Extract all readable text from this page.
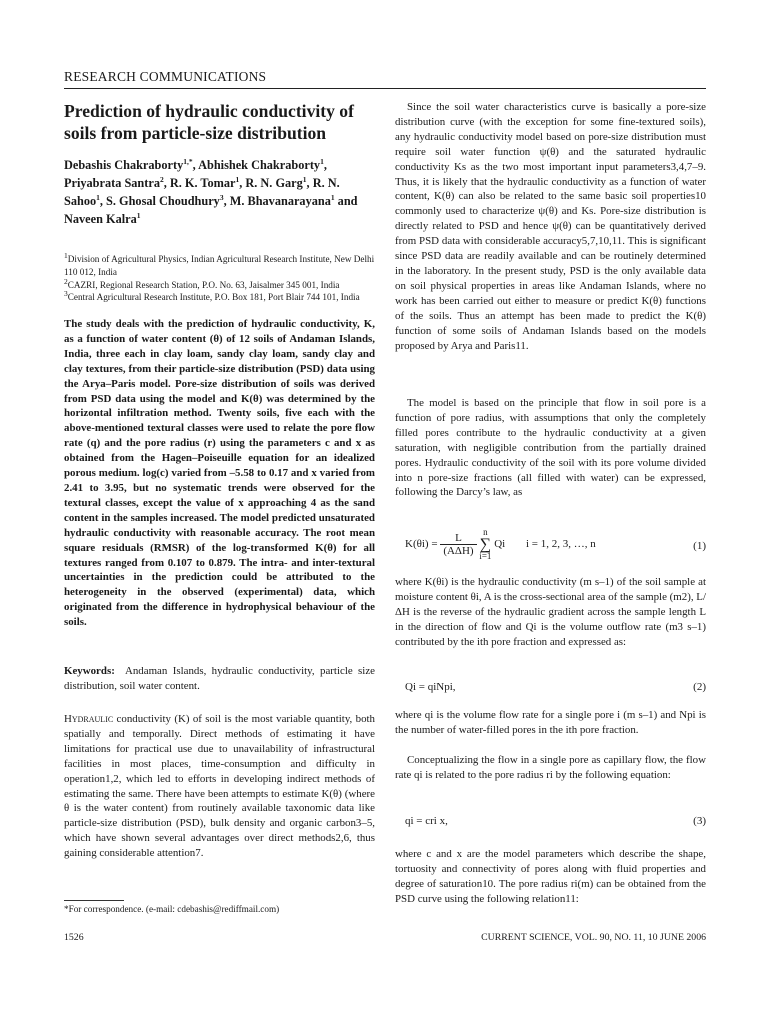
RESEARCH COMMUNICATIONS
Prediction of hydraulic conductivity of soils from particle-size distribution
Debashis Chakraborty$^{1,*}$, Abhishek Chakraborty$^1$, Priyabrata Santra$^2$, R. K. Tomar$^1$, R. N. Garg$^1$, R. N. Sahoo$^1$, S. Ghosal Choudhury$^3$, M. Bhavanarayana$^1$ and Naveen Kalra$^1$
$^1$Division of Agricultural Physics, Indian Agricultural Research Institute, New Delhi 110 012, India
$^2$CAZRI, Regional Research Station, P.O. No. 63, Jaisalmer 345 001, India
$^3$Central Agricultural Research Institute, P.O. Box 181, Port Blair 744 101, India
The study deals with the prediction of hydraulic conductivity, K, as a function of water content (θ) of 12 soils of Andaman Islands, India, three each in clay loam, sandy clay loam, sandy clay and clay textures, from their particle-size distribution (PSD) data using the Arya–Paris model. Pore-size distribution of soils was derived from PSD data using the model and K(θ) was determined by the horizontal infiltration method. Twenty soils, five each with the above-mentioned textural classes were used to relate the pore flow rate (q) and the pore radius (r) using the parameters c and x as obtained from the Hagen–Poiseuille equation for an idealized porous medium. log(c) varied from –5.58 to 0.17 and x varied from 2.41 to 3.95, but no systematic trends were observed for the textural classes, except the value of x approaching 4 as the sand content in the samples increased. The model predicted unsaturated hydraulic conductivity with reasonable accuracy. The root mean square residuals (RMSR) of the log-transformed K(θ) for all textures ranged from 0.107 to 0.879. The intra- and inter-textural uncertainties in the prediction could be attributed to the heterogeneity in the observed (experimental) data, which originated from the difference in hydrophysical behaviour of the soils.
Keywords: Andaman Islands, hydraulic conductivity, particle size distribution, soil water content.
Hydraulic conductivity (K) of soil is the most variable quantity, both spatially and temporally. Direct methods of estimating it have limitations for practical use due to unavailability of infrastructural facilities in most places, time-consumption and difficulty in operation1,2, which led to efforts in developing indirect methods of estimating the same. There have been attempts to estimate K(θ) (where θ is the water content) from routinely available taxonomic data like particle-size distribution (PSD), bulk density and organic carbon3–5, which have shown several advantages over direct methods2,6, thus gaining considerable attention7.
*For correspondence. (e-mail: cdebashis@rediffmail.com)
1526	CURRENT SCIENCE, VOL. 90, NO. 11, 10 JUNE 2006

Since the soil water characteristics curve is basically a pore-size distribution curve (with the exception for some fine-textured soils), any hydraulic conductivity model based on pore-size distribution must require soil water function ψ(θ) and the saturated hydraulic conductivity Ks as the two most important input parameters3,4,7–9. Thus, it is likely that the hydraulic conductivity as a function of water content, K(θ) can also be related to the same basic soil properties10 commonly used to characterize ψ(θ) and Ks. Pore-size distribution is directly related to PSD and hence ψ(θ) can be quantitatively derived from PSD data with considerable accuracy5,7,10,11. This is significant since PSD data are readily available and can be routinely determined in the laboratory. In the present study, PSD is the only available data on soil physical properties in areas like Andaman Islands, where no work has been carried out either to measure or predict K(θ) functions of the soils. Thus an attempt has been made to predict the K(θ) function of some soils of Andaman Islands based on the models proposed by Arya and Paris11.

The model is based on the principle that flow in soil pore is a function of pore radius, with assumptions that only the completely filled pores contribute to the hydraulic conductivity at a given saturation, with negligible contribution from the partially drained pores. Hydraulic conductivity of the soil with its pore volume divided into n pore-size fractions (all filled with water) can be expressed, following the Darcy’s law, as

$K(\theta i) = \frac{L}{\text{(AΔH)}}$ n
∑
i=1 Qi i = 1, 2, 3, …, n	(1)
where K(θi) is the hydraulic conductivity (m s–1) of the soil sample at moisture content θi, A is the cross-sectional area of the sample (m2), L/ΔH is the reverse of the hydraulic gradient across the sample length L in the direction of flow and Qi is the volume outflow rate (m3 s–1) contributed by the ith pore fraction and expressed as:
Qi = qiNpi,	(2)
where qi is the volume flow rate for a single pore i (m s–1) and Npi is the number of water-filled pores in the ith pore fraction.

Conceptualizing the flow in a single pore as capillary flow, the flow rate qi is related to the pore radius ri by the following equation:

qi = cri x,	(3)
where c and x are the model parameters which describe the shape, tortuosity and connectivity of pores along with fluid properties and degree of saturation10. The pore radius ri(m) can be obtained from the PSD curve using the following relation11:
